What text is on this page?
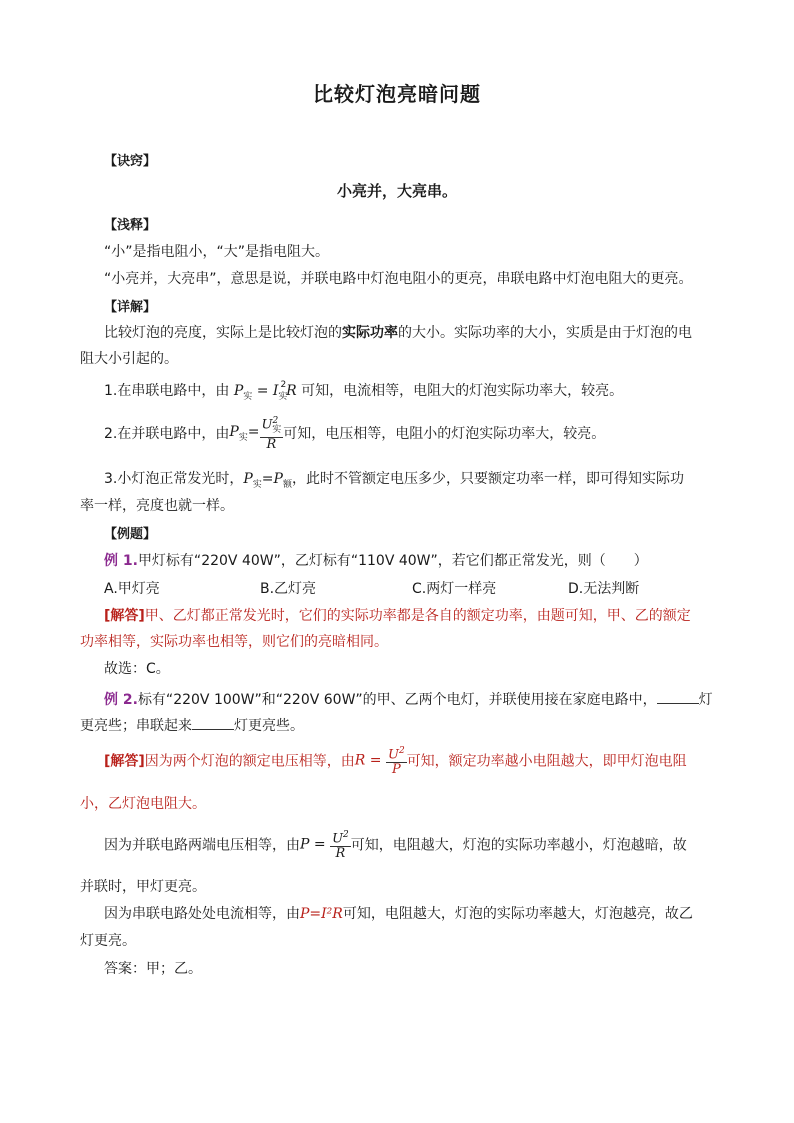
比较灯泡亮暗问题
【诀窍】
小亮并，大亮串。
【浅释】
“小”是指电阻小，“大”是指电阻大。
“小亮并，大亮串”，意思是说，并联电路中灯泡电阻小的更亮，串联电路中灯泡电阻大的更亮。
【详解】
比较灯泡的亮度，实际上是比较灯泡的实际功率的大小。实际功率的大小，实质是由于灯泡的电
阻大小引起的。
1.在串联电路中，由 $P_实 = I_实^2R$ 可知，电流相等，电阻大的灯泡实际功率大，较亮。
2.在并联电路中，由$P_实= \frac{U^2_实}{R}$ 可知，电压相等，电阻小的灯泡实际功率大，较亮。
3.小灯泡正常发光时，$P_实=P_额$，此时不管额定电压多少，只要额定功率一样，即可得知实际功
率一样，亮度也就一样。
【例题】
例 1.甲灯标有“220V 40W”，乙灯标有“110V 40W”，若它们都正常发光，则（　　）
A.甲灯亮	B.乙灯亮	C.两灯一样亮	D.无法判断
[解答]甲、乙灯都正常发光时，它们的实际功率都是各自的额定功率，由题可知，甲、乙的额定
功率相等，实际功率也相等，则它们的亮暗相同。
故选：C。
例 2.标有“220V 100W”和“220V 60W”的甲、乙两个电灯，并联使用接在家庭电路中，	灯
更亮些；串联起来	灯更亮些。
[解答]因为两个灯泡的额定电压相等，由$R = \frac{U^2}{P}$ 可知，额定功率越小电阻越大，即甲灯泡电阻
小，乙灯泡电阻大。
因为并联电路两端电压相等，由$P = \frac{U^2}{R}$ 可知，电阻越大，灯泡的实际功率越小，灯泡越暗，故
并联时，甲灯更亮。
因为串联电路处处电流相等，由P=I²R可知，电阻越大，灯泡的实际功率越大，灯泡越亮，故乙
灯更亮。
答案：甲；乙。
